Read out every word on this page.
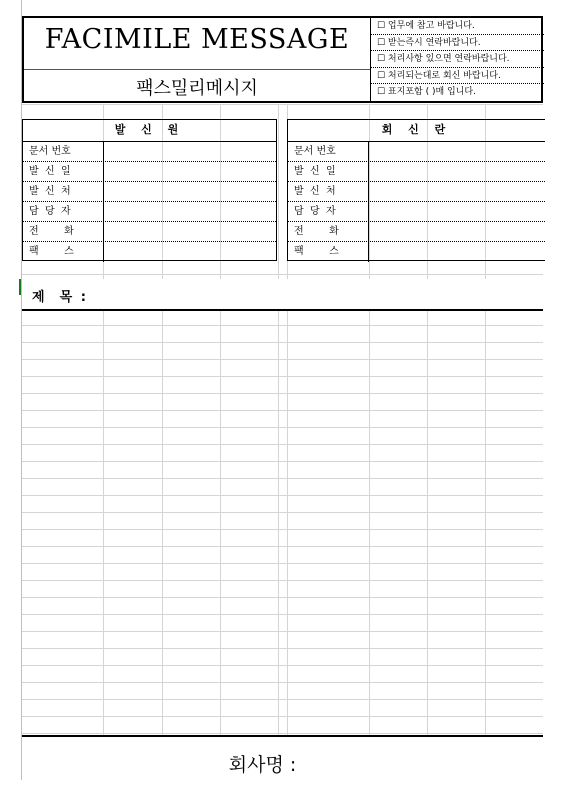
FACIMILE MESSAGE
팩스밀리메시지
☐ 업무에 참고 바랍니다.
☐ 받는즉시 연락바랍니다.
☐ 처리사항 있으면 연락바랍니다.
☐ 처리되는대로 회신 바랍니다.
☐ 표지포함 ( )매 입니다.
발 신 원
문서 번호
발  신  일
발  신  처
담  당  자
전        화
팩        스
회 신 란
문서 번호
발  신  일
발  신  처
담  당  자
전        화
팩        스
제  목 :
회사명 :
